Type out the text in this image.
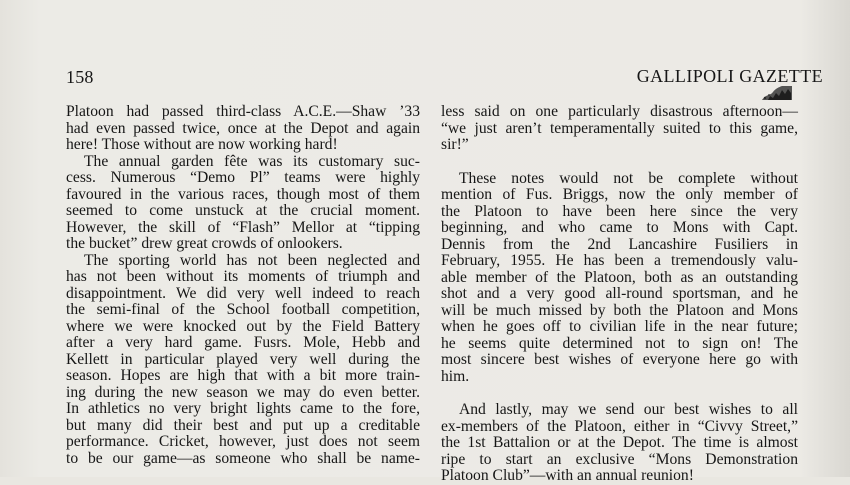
158	GALLIPOLI GAZETTE
Platoon had passed third-class A.C.E.—Shaw ’33
had even passed twice, once at the Depot and again
here! Those without are now working hard!
The annual garden fête was its customary suc-
cess. Numerous “Demo Pl” teams were highly
favoured in the various races, though most of them
seemed to come unstuck at the crucial moment.
However, the skill of “Flash” Mellor at “tipping
the bucket” drew great crowds of onlookers.
The sporting world has not been neglected and
has not been without its moments of triumph and
disappointment. We did very well indeed to reach
the semi-final of the School football competition,
where we were knocked out by the Field Battery
after a very hard game. Fusrs. Mole, Hebb and
Kellett in particular played very well during the
season. Hopes are high that with a bit more train-
ing during the new season we may do even better.
In athletics no very bright lights came to the fore,
but many did their best and put up a creditable
performance. Cricket, however, just does not seem
to be our game—as someone who shall be name-
less said on one particularly disastrous afternoon—
“we just aren’t temperamentally suited to this game,
sir!”
These notes would not be complete without
mention of Fus. Briggs, now the only member of
the Platoon to have been here since the very
beginning, and who came to Mons with Capt.
Dennis from the 2nd Lancashire Fusiliers in
February, 1955. He has been a tremendously valu-
able member of the Platoon, both as an outstanding
shot and a very good all-round sportsman, and he
will be much missed by both the Platoon and Mons
when he goes off to civilian life in the near future;
he seems quite determined not to sign on! The
most sincere best wishes of everyone here go with
him.
And lastly, may we send our best wishes to all
ex-members of the Platoon, either in “Civvy Street,”
the 1st Battalion or at the Depot. The time is almost
ripe to start an exclusive “Mons Demonstration
Platoon Club”—with an annual reunion!
